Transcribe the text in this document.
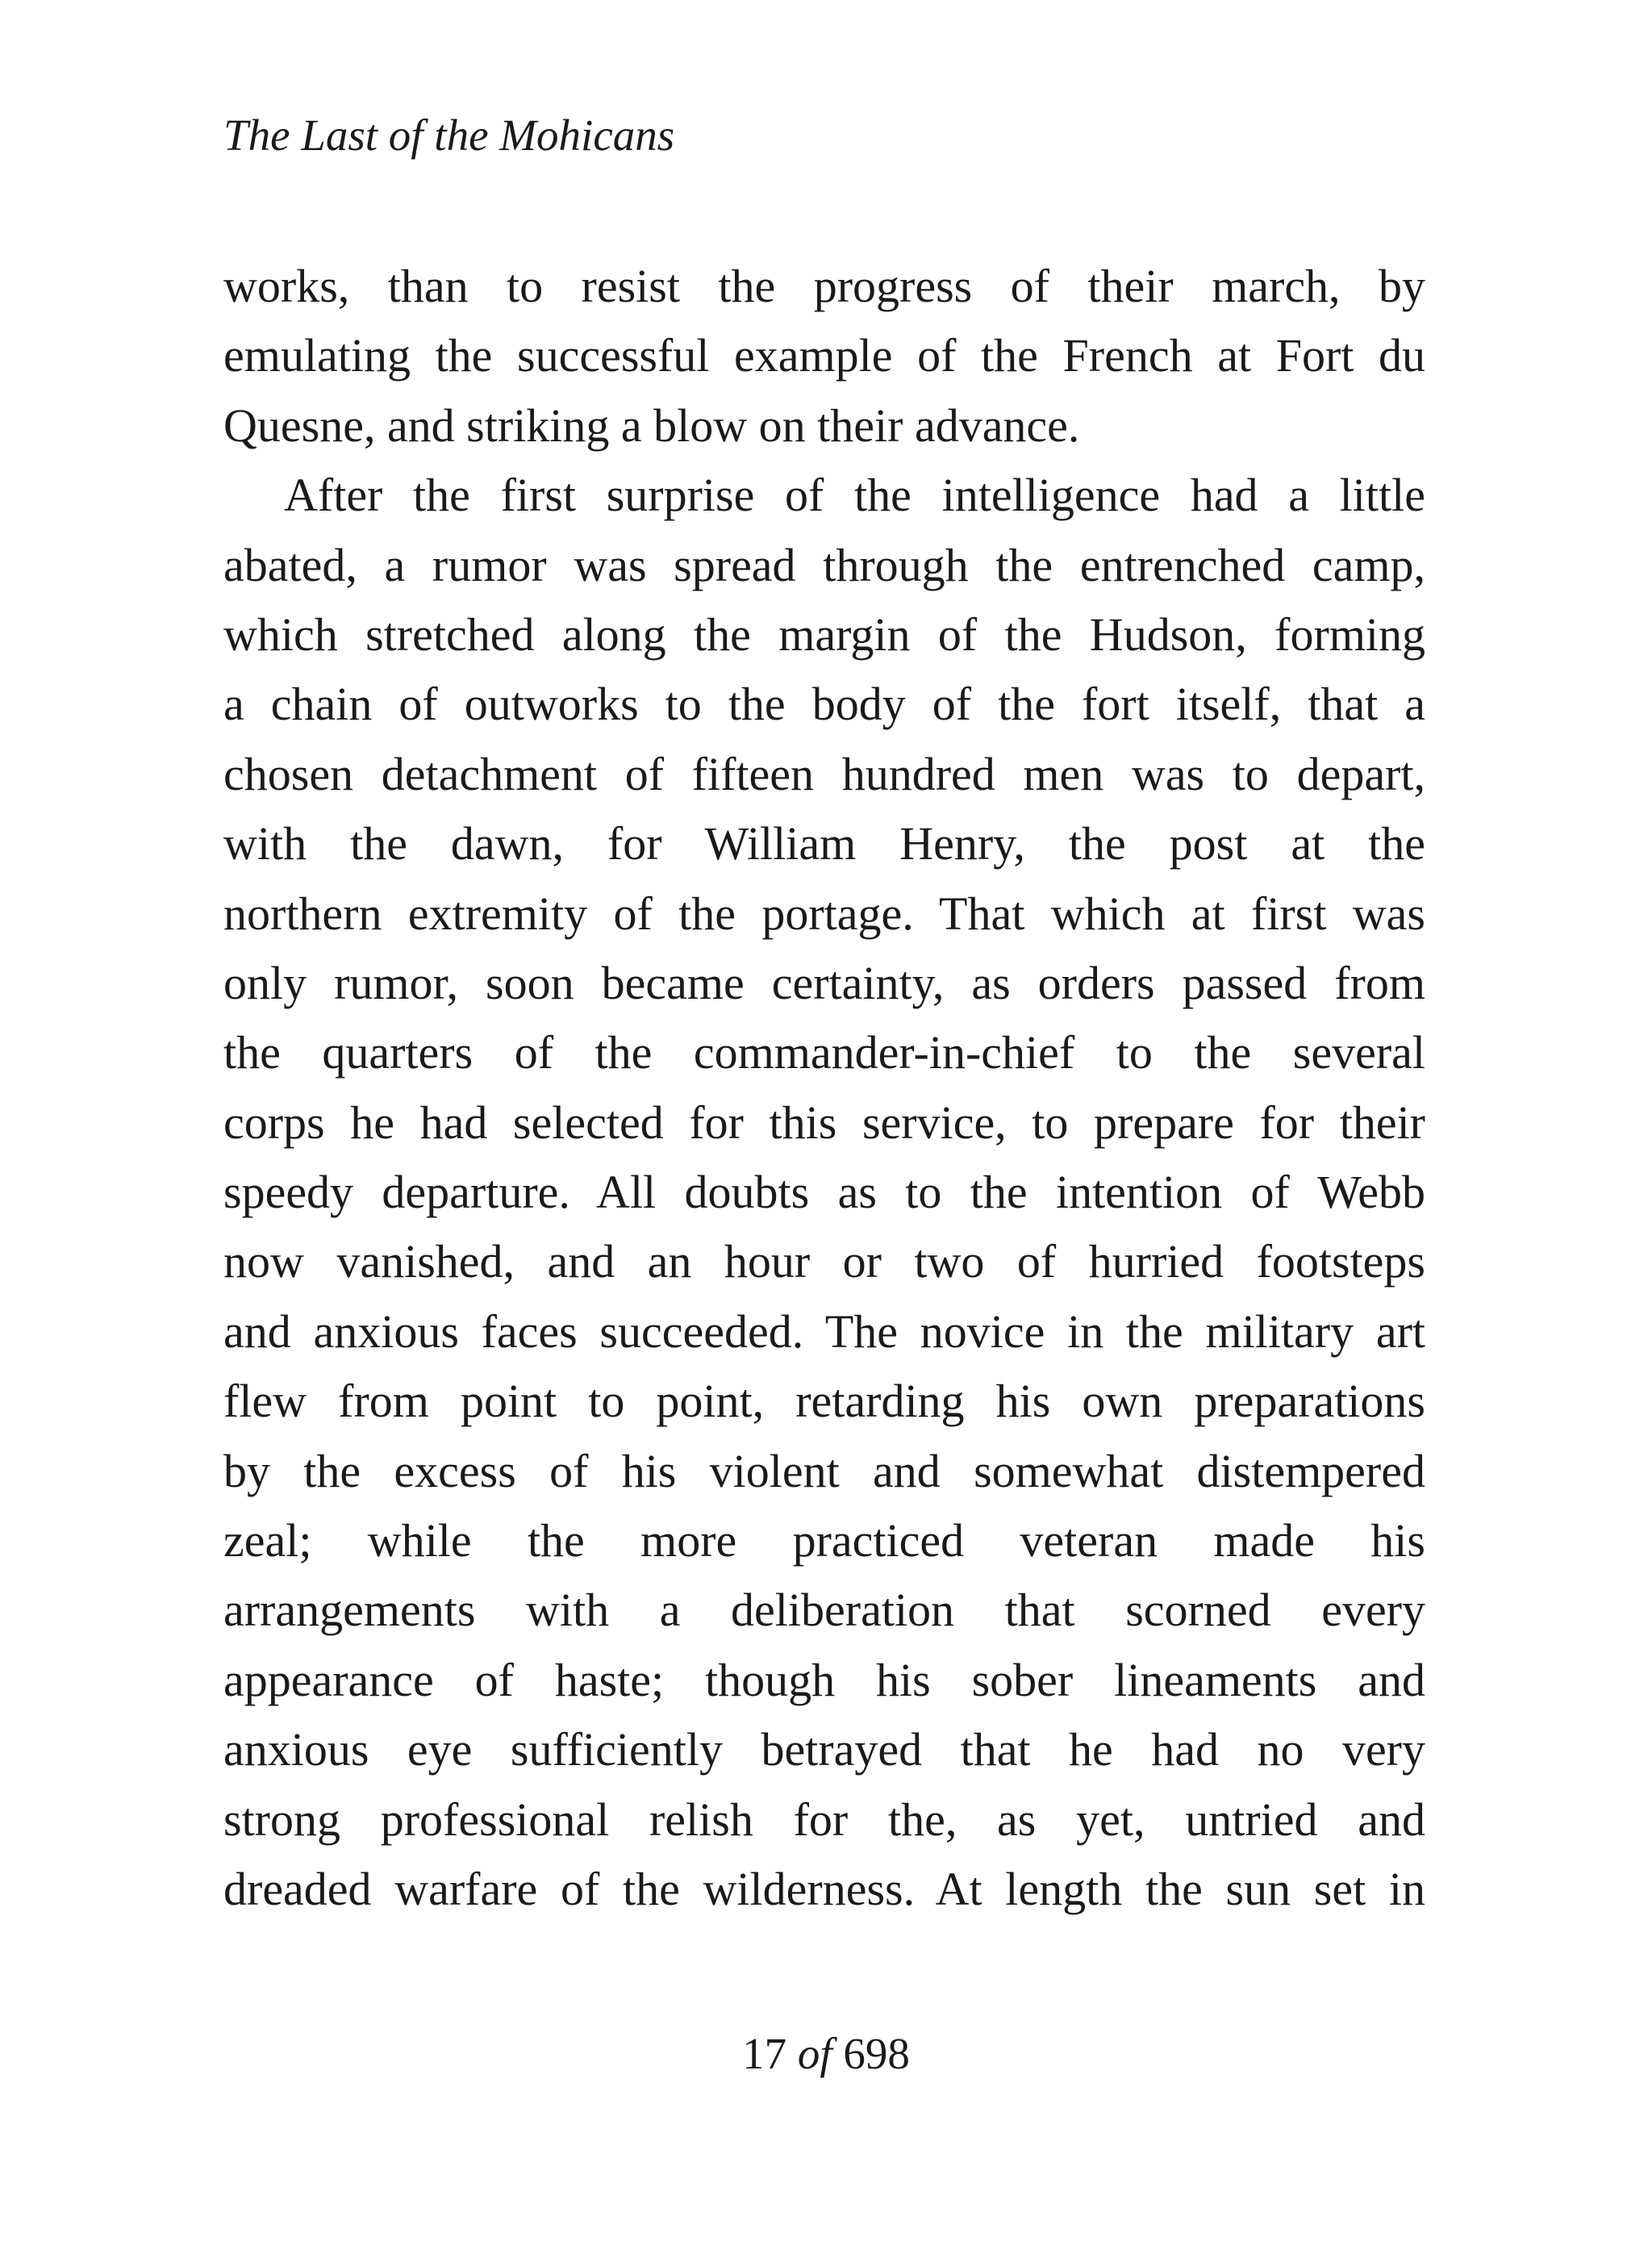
The Last of the Mohicans
works, than to resist the progress of their march, by
emulating the successful example of the French at Fort du
Quesne, and striking a blow on their advance.
After the first surprise of the intelligence had a little
abated, a rumor was spread through the entrenched camp,
which stretched along the margin of the Hudson, forming
a chain of outworks to the body of the fort itself, that a
chosen detachment of fifteen hundred men was to depart,
with the dawn, for William Henry, the post at the
northern extremity of the portage. That which at first was
only rumor, soon became certainty, as orders passed from
the quarters of the commander-in-chief to the several
corps he had selected for this service, to prepare for their
speedy departure. All doubts as to the intention of Webb
now vanished, and an hour or two of hurried footsteps
and anxious faces succeeded. The novice in the military art
flew from point to point, retarding his own preparations
by the excess of his violent and somewhat distempered
zeal; while the more practiced veteran made his
arrangements with a deliberation that scorned every
appearance of haste; though his sober lineaments and
anxious eye sufficiently betrayed that he had no very
strong professional relish for the, as yet, untried and
dreaded warfare of the wilderness. At length the sun set in
17 of 698
